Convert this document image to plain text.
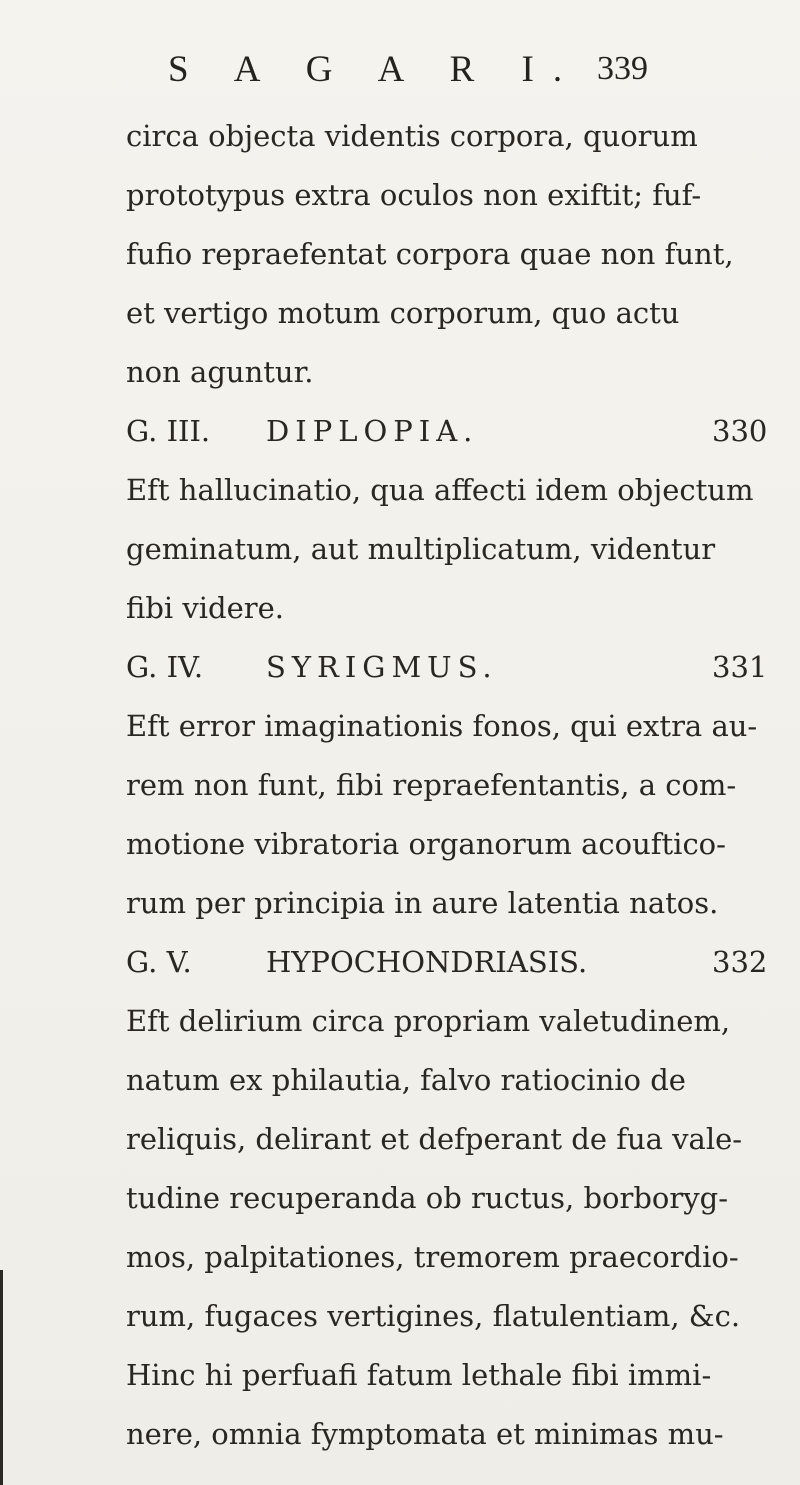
S A G A R I. 339
circa objecta videntis corpora, quorum
prototypus extra oculos non exiftit; fuf-
fufio repraefentat corpora quae non funt,
et vertigo motum corporum, quo actu
non aguntur.
G. III. DIPLOPIA.	330
Eft hallucinatio, qua affecti idem objectum
geminatum, aut multiplicatum, videntur
fibi videre.
G. IV. SYRIGMUS.	331
Eft error imaginationis fonos, qui extra au-
rem non funt, fibi repraefentantis, a com-
motione vibratoria organorum acouftico-
rum per principia in aure latentia natos.
G. V.	HYPOCHONDRIASIS.	332
Eft delirium circa propriam valetudinem,
natum ex philautia, falvo ratiocinio de
reliquis, delirant et defperant de fua vale-
tudine recuperanda ob ructus, borboryg-
mos, palpitationes, tremorem praecordio-
rum, fugaces vertigines, flatulentiam, &c.
Hinc hi perfuafi fatum lethale fibi immi-
nere, omnia fymptomata et minimas mu-
